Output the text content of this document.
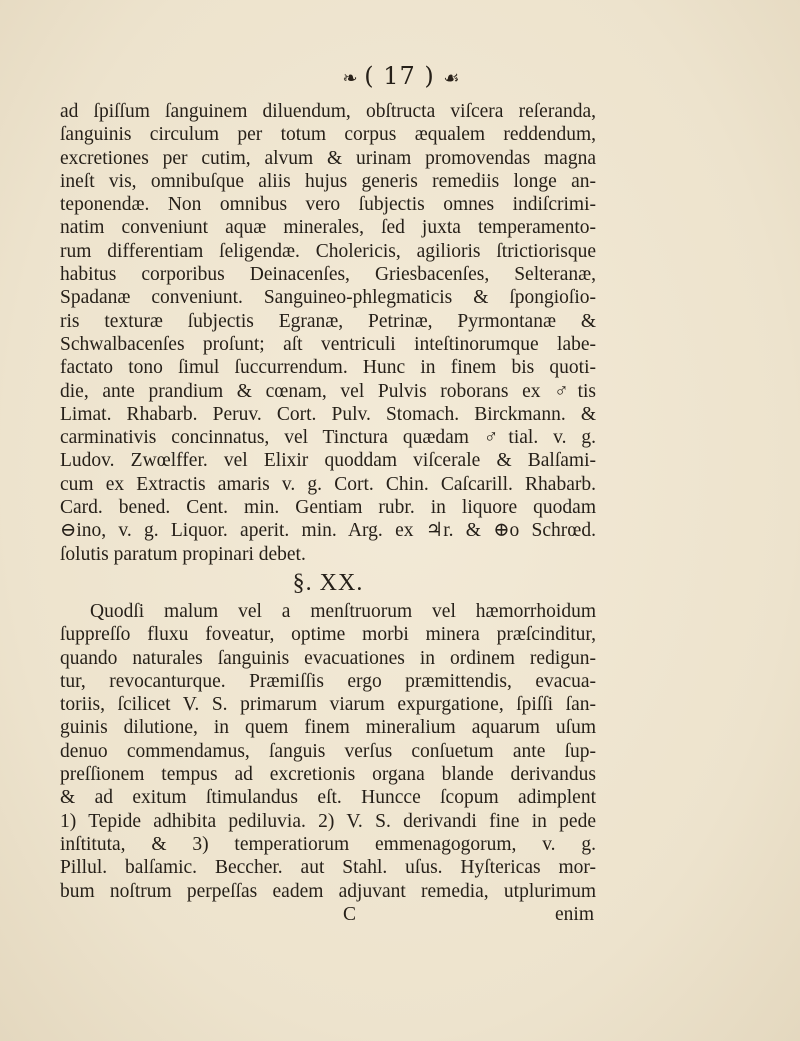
❧ ( 17 ) ☙
ad ſpiſſum ſanguinem diluendum, obſtructa viſcera reſeranda,
ſanguinis circulum per totum corpus æqualem reddendum,
excretiones per cutim, alvum & urinam promovendas magna
ineſt vis, omnibuſque aliis hujus generis remediis longe an-
teponendæ. Non omnibus vero ſubjectis omnes indiſcrimi-
natim conveniunt aquæ minerales, ſed juxta temperamento-
rum differentiam ſeligendæ. Cholericis, agilioris ſtrictiorisque
habitus corporibus Deinacenſes, Griesbacenſes, Selteranæ,
Spadanæ conveniunt. Sanguineo-phlegmaticis & ſpongioſio-
ris texturæ ſubjectis Egranæ, Petrinæ, Pyrmontanæ &
Schwalbacenſes proſunt; aſt ventriculi inteſtinorumque labe-
factato tono ſimul ſuccurrendum. Hunc in finem bis quoti-
die, ante prandium & cœnam, vel Pulvis roborans ex ♂tis
Limat. Rhabarb. Peruv. Cort. Pulv. Stomach. Birckmann. &
carminativis concinnatus, vel Tinctura quædam ♂tial. v. g.
Ludov. Zwœlffer. vel Elixir quoddam viſcerale & Balſami-
cum ex Extractis amaris v. g. Cort. Chin. Caſcarill. Rhabarb.
Card. bened. Cent. min. Gentiam rubr. in liquore quodam
⊖ino, v. g. Liquor. aperit. min. Arg. ex ♃r. & ⊕o Schrœd.
ſolutis paratum propinari debet.
§. XX.
Quodſi malum vel a menſtruorum vel hæmorrhoidum
ſuppreſſo fluxu foveatur, optime morbi minera præſcinditur,
quando naturales ſanguinis evacuationes in ordinem redigun-
tur, revocanturque. Præmiſſis ergo præmittendis, evacua-
toriis, ſcilicet V. S. primarum viarum expurgatione, ſpiſſi ſan-
guinis dilutione, in quem finem mineralium aquarum uſum
denuo commendamus, ſanguis verſus conſuetum ante ſup-
preſſionem tempus ad excretionis organa blande derivandus
& ad exitum ſtimulandus eſt. Huncce ſcopum adimplent
1) Tepide adhibita pediluvia. 2) V. S. derivandi fine in pede
inſtituta, & 3) temperatiorum emmenagogorum, v. g.
Pillul. balſamic. Beccher. aut Stahl. uſus. Hyſtericas mor-
bum noſtrum perpeſſas eadem adjuvant remedia, utplurimum
C	enim
